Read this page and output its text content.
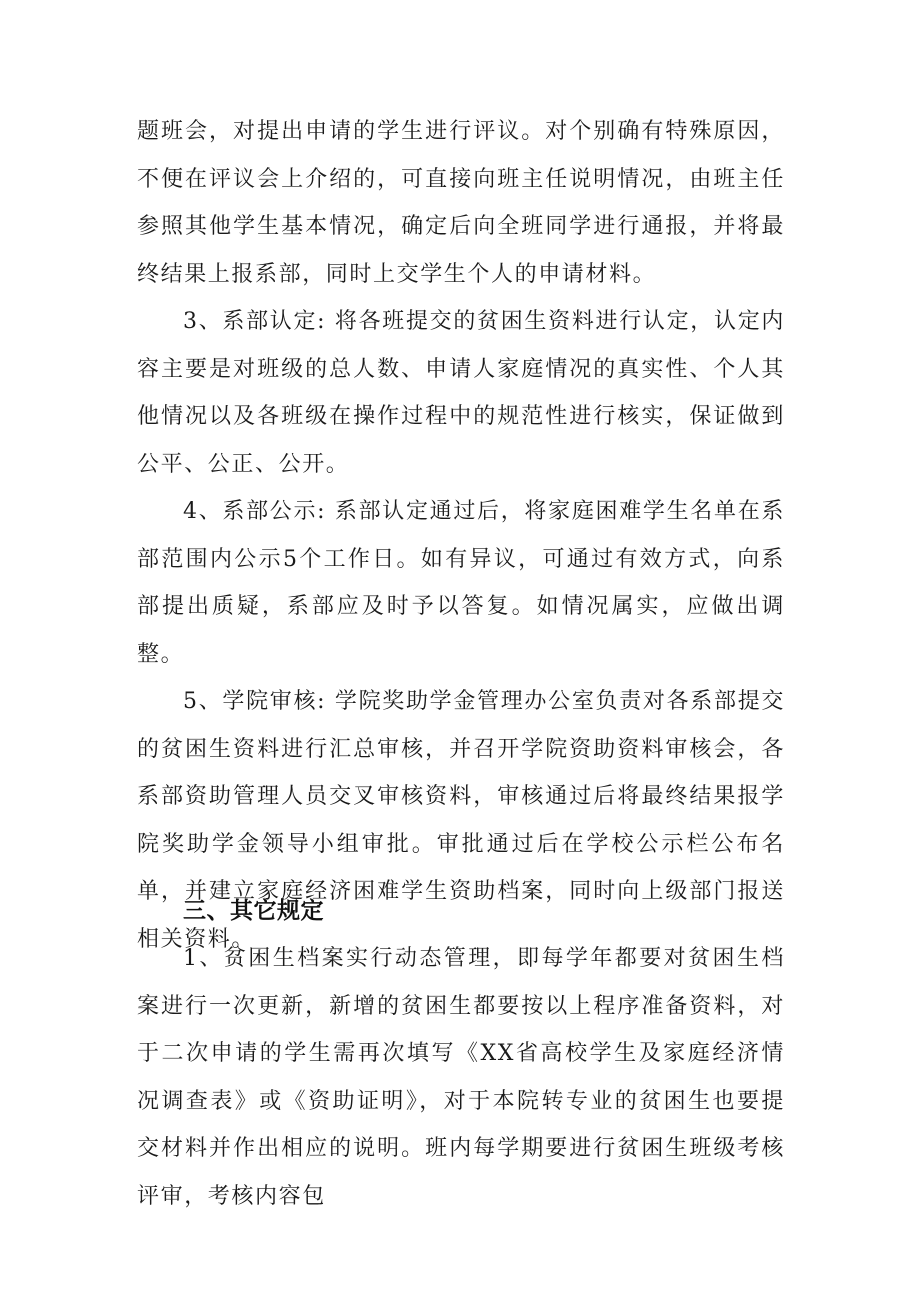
题班会，对提出申请的学生进行评议。对个别确有特殊原因，不便在评议会上介绍的，可直接向班主任说明情况，由班主任参照其他学生基本情况，确定后向全班同学进行通报，并将最终结果上报系部，同时上交学生个人的申请材料。

3、系部认定: 将各班提交的贫困生资料进行认定，认定内容主要是对班级的总人数、申请人家庭情况的真实性、个人其他情况以及各班级在操作过程中的规范性进行核实，保证做到公平、公正、公开。

4、系部公示: 系部认定通过后，将家庭困难学生名单在系部范围内公示5个工作日。如有异议，可通过有效方式，向系部提出质疑，系部应及时予以答复。如情况属实，应做出调整。

5、学院审核: 学院奖助学金管理办公室负责对各系部提交的贫困生资料进行汇总审核，并召开学院资助资料审核会，各系部资助管理人员交叉审核资料，审核通过后将最终结果报学院奖助学金领导小组审批。审批通过后在学校公示栏公布名单，并建立家庭经济困难学生资助档案，同时向上级部门报送相关资料。

三、其它规定

1、贫困生档案实行动态管理，即每学年都要对贫困生档案进行一次更新，新增的贫困生都要按以上程序准备资料，对于二次申请的学生需再次填写《XX省高校学生及家庭经济情况调查表》或《资助证明》，对于本院转专业的贫困生也要提交材料并作出相应的说明。班内每学期要进行贫困生班级考核评审，考核内容包
